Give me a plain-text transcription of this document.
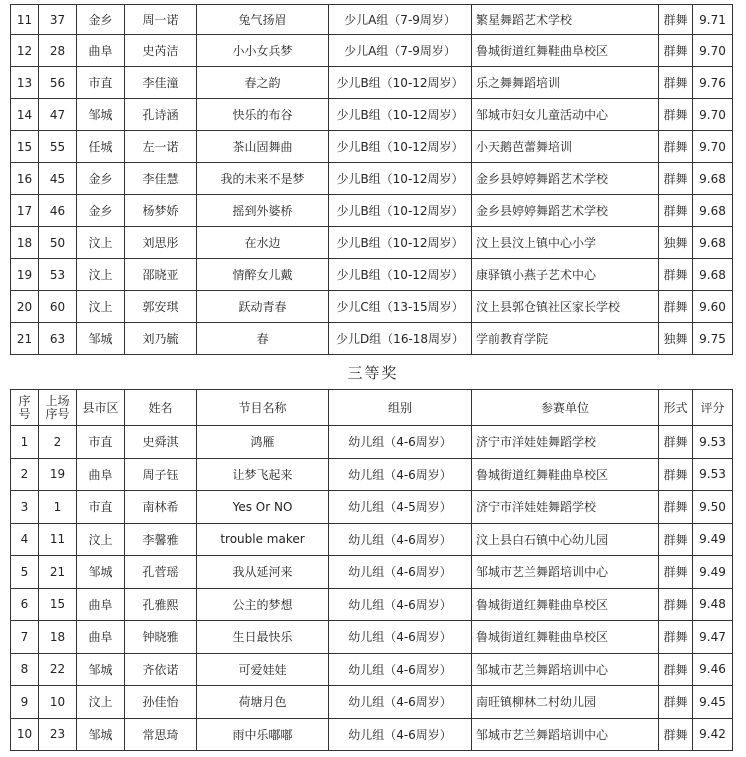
11	37	金乡	周一诺	兔气扬眉	少儿A组（7-9周岁）	繁星舞蹈艺术学校	群舞	9.71
12	28	曲阜	史芮洁	小小女兵梦	少儿A组（7-9周岁）	鲁城街道红舞鞋曲阜校区	群舞	9.70
13	56	市直	李佳潼	春之韵	少儿B组（10-12周岁）	乐之舞舞蹈培训	群舞	9.76
14	47	邹城	孔诗涵	快乐的布谷	少儿B组（10-12周岁）	邹城市妇女儿童活动中心	群舞	9.70
15	55	任城	左一诺	茶山固舞曲	少儿B组（10-12周岁）	小天鹅芭蕾舞培训	群舞	9.70
16	45	金乡	李佳慧	我的未来不是梦	少儿B组（10-12周岁）	金乡县婷婷舞蹈艺术学校	群舞	9.68
17	46	金乡	杨梦娇	摇到外婆桥	少儿B组（10-12周岁）	金乡县婷婷舞蹈艺术学校	群舞	9.68
18	50	汶上	刘思彤	在水边	少儿B组（10-12周岁）	汶上县汶上镇中心小学	独舞	9.68
19	53	汶上	邵晓亚	情醉女儿戴	少儿B组（10-12周岁）	康驿镇小燕子艺术中心	群舞	9.68
20	60	汶上	郭安琪	跃动青春	少儿C组（13-15周岁）	汶上县郭仓镇社区家长学校	群舞	9.60
21	63	邹城	刘乃毓	春	少儿D组（16-18周岁）	学前教育学院	独舞	9.75
三等奖
序号	上场序号	县市区	姓名	节目名称	组别	参赛单位	形式	评分
1	2	市直	史舜淇	鸿雁	幼儿组（4-6周岁）	济宁市洋娃娃舞蹈学校	群舞	9.53
2	19	曲阜	周子钰	让梦飞起来	幼儿组（4-6周岁）	鲁城街道红舞鞋曲阜校区	群舞	9.53
3	1	市直	南林希	Yes Or NO	幼儿组（4-5周岁）	济宁市洋娃娃舞蹈学校	群舞	9.50
4	11	汶上	李馨雅	trouble maker	幼儿组（4-6周岁）	汶上县白石镇中心幼儿园	群舞	9.49
5	21	邹城	孔菅瑶	我从延河来	幼儿组（4-6周岁）	邹城市艺兰舞蹈培训中心	群舞	9.49
6	15	曲阜	孔雅熙	公主的梦想	幼儿组（4-6周岁）	鲁城街道红舞鞋曲阜校区	群舞	9.48
7	18	曲阜	钟晓雅	生日最快乐	幼儿组（4-6周岁）	鲁城街道红舞鞋曲阜校区	群舞	9.47
8	22	邹城	齐依诺	可爱娃娃	幼儿组（4-6周岁）	邹城市艺兰舞蹈培训中心	群舞	9.46
9	10	汶上	孙佳怡	荷塘月色	幼儿组（4-6周岁）	南旺镇柳林二村幼儿园	群舞	9.45
10	23	邹城	常思琦	雨中乐嘟嘟	幼儿组（4-6周岁）	邹城市艺兰舞蹈培训中心	群舞	9.42
